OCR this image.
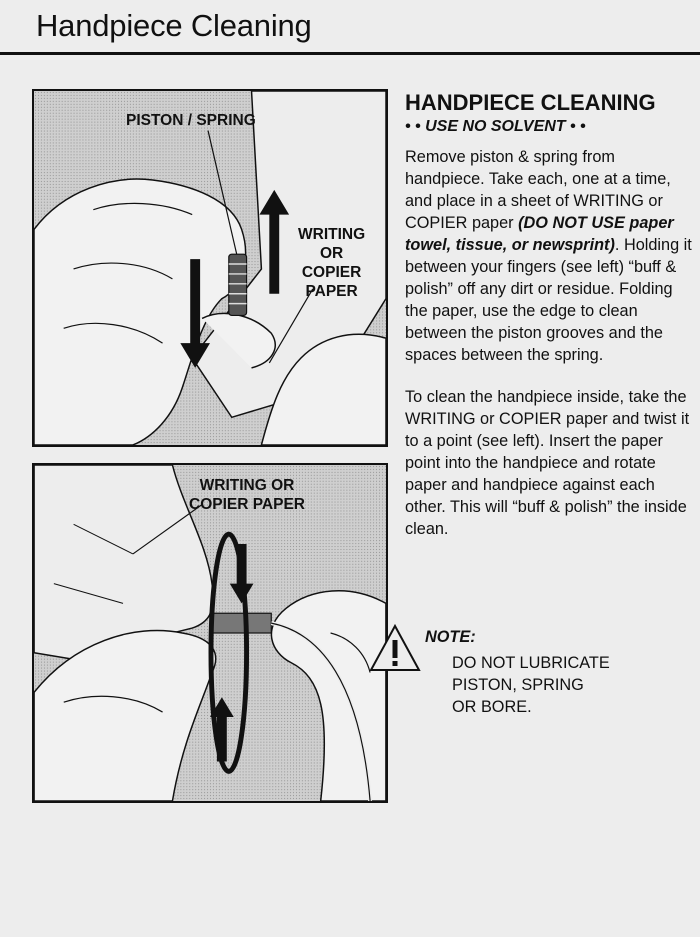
Handpiece Cleaning
PISTON / SPRING
WRITING
OR
COPIER
PAPER
WRITING OR
COPIER PAPER
HANDPIECE CLEANING
• • USE NO SOLVENT • •
Remove piston & spring from handpiece. Take each, one at a time, and place in a sheet of WRITING or COPIER paper (DO NOT USE paper towel, tissue, or newsprint). Holding it between your fingers (see left) “buff & polish” off any dirt or residue. Folding the paper, use the edge to clean between the piston grooves and the spaces between the spring.
To clean the handpiece inside, take the WRITING or COPIER paper and twist it to a point (see left). Insert the paper point into the handpiece and rotate paper and handpiece against each other. This will “buff & polish” the inside clean.
NOTE:
DO NOT LUBRICATE
PISTON, SPRING
OR BORE.
